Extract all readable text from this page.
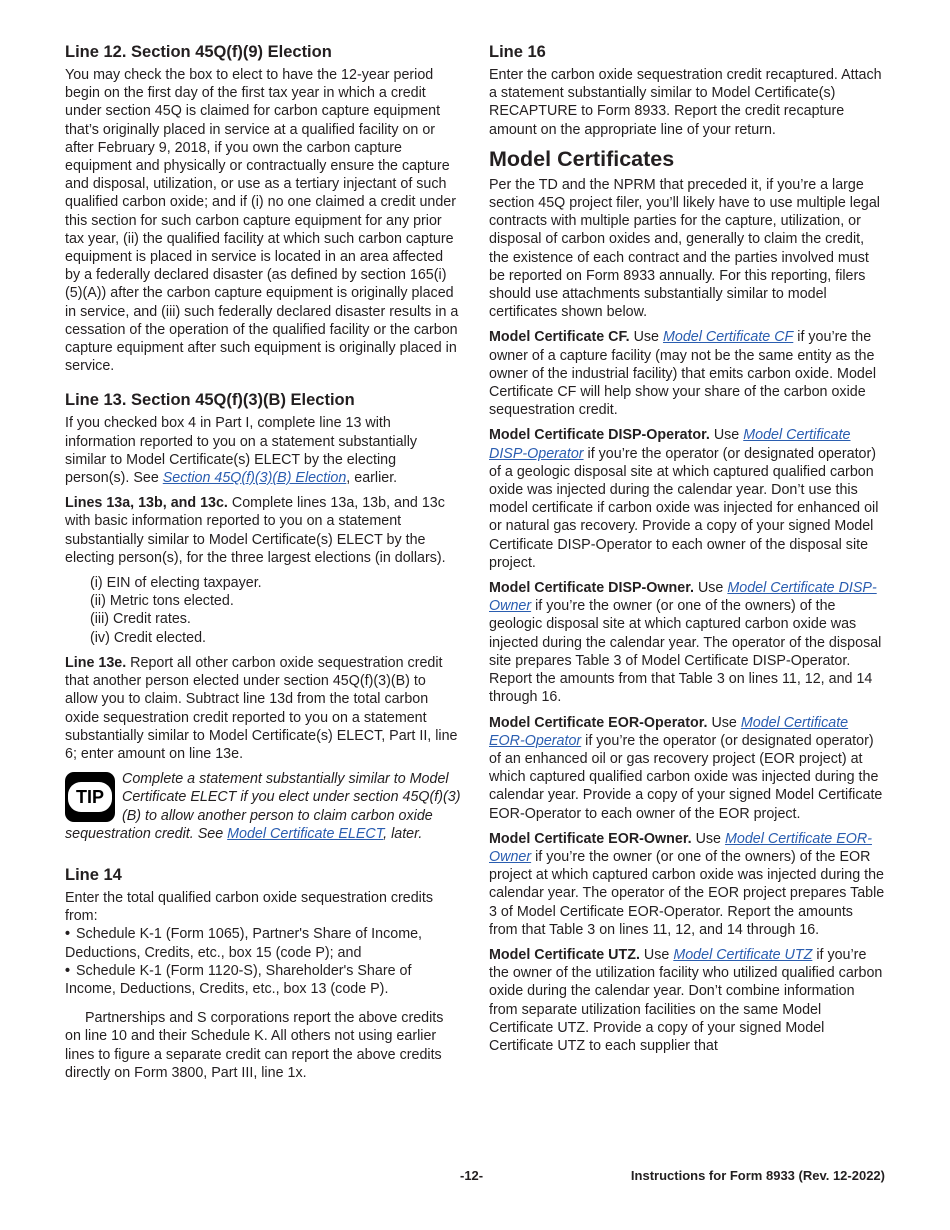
Line 12. Section 45Q(f)(9) Election

You may check the box to elect to have the 12-year period begin on the first day of the first tax year in which a credit under section 45Q is claimed for carbon capture equipment that’s originally placed in service at a qualified facility on or after February 9, 2018, if you own the carbon capture equipment and physically or contractually ensure the capture and disposal, utilization, or use as a tertiary injectant of such qualified carbon oxide; and if (i) no one claimed a credit under this section for such carbon capture equipment for any prior tax year, (ii) the qualified facility at which such carbon capture equipment is placed in service is located in an area affected by a federally declared disaster (as defined by section 165(i)(5)(A)) after the carbon capture equipment is originally placed in service, and (iii) such federally declared disaster results in a cessation of the operation of the qualified facility or the carbon capture equipment after such equipment is originally placed in service.

Line 13. Section 45Q(f)(3)(B) Election

If you checked box 4 in Part I, complete line 13 with information reported to you on a statement substantially similar to Model Certificate(s) ELECT by the electing person(s). See Section 45Q(f)(3)(B) Election, earlier.

Lines 13a, 13b, and 13c. Complete lines 13a, 13b, and 13c with basic information reported to you on a statement substantially similar to Model Certificate(s) ELECT by the electing person(s), for the three largest elections (in dollars).

(i) EIN of electing taxpayer.
(ii) Metric tons elected.
(iii) Credit rates.
(iv) Credit elected.

Line 13e. Report all other carbon oxide sequestration credit that another person elected under section 45Q(f)(3)(B) to allow you to claim. Subtract line 13d from the total carbon oxide sequestration credit reported to you on a statement substantially similar to Model Certificate(s) ELECT, Part II, line 6; enter amount on line 13e.

TIP
Complete a statement substantially similar to Model Certificate ELECT if you elect under section 45Q(f)(3)(B) to allow another person to claim carbon oxide sequestration credit. See Model Certificate ELECT, later.
Line 14

Enter the total qualified carbon oxide sequestration credits from:

• Schedule K-1 (Form 1065), Partner's Share of Income, Deductions, Credits, etc., box 15 (code P); and
• Schedule K-1 (Form 1120-S), Shareholder's Share of Income, Deductions, Credits, etc., box 13 (code P).

Partnerships and S corporations report the above credits on line 10 and their Schedule K. All others not using earlier lines to figure a separate credit can report the above credits directly on Form 3800, Part III, line 1x.

Line 16

Enter the carbon oxide sequestration credit recaptured. Attach a statement substantially similar to Model Certificate(s) RECAPTURE to Form 8933. Report the credit recapture amount on the appropriate line of your return.

Model Certificates

Per the TD and the NPRM that preceded it, if you’re a large section 45Q project filer, you’ll likely have to use multiple legal contracts with multiple parties for the capture, utilization, or disposal of carbon oxides and, generally to claim the credit, the existence of each contract and the parties involved must be reported on Form 8933 annually. For this reporting, filers should use attachments substantially similar to model certificates shown below.

Model Certificate CF. Use Model Certificate CF if you’re the owner of a capture facility (may not be the same entity as the owner of the industrial facility) that emits carbon oxide. Model Certificate CF will help show your share of the carbon oxide sequestration credit.

Model Certificate DISP-Operator. Use Model Certificate DISP-Operator if you’re the operator (or designated operator) of a geologic disposal site at which captured qualified carbon oxide was injected during the calendar year. Don’t use this model certificate if carbon oxide was injected for enhanced oil or natural gas recovery. Provide a copy of your signed Model Certificate DISP-Operator to each owner of the disposal site project.

Model Certificate DISP-Owner. Use Model Certificate DISP-Owner if you’re the owner (or one of the owners) of the geologic disposal site at which captured carbon oxide was injected during the calendar year. The operator of the disposal site prepares Table 3 of Model Certificate DISP-Operator. Report the amounts from that Table 3 on lines 11, 12, and 14 through 16.

Model Certificate EOR-Operator. Use Model Certificate EOR-Operator if you’re the operator (or designated operator) of an enhanced oil or gas recovery project (EOR project) at which captured qualified carbon oxide was injected during the calendar year. Provide a copy of your signed Model Certificate EOR-Operator to each owner of the EOR project.

Model Certificate EOR-Owner. Use Model Certificate EOR-Owner if you’re the owner (or one of the owners) of the EOR project at which captured carbon oxide was injected during the calendar year. The operator of the EOR project prepares Table 3 of Model Certificate EOR-Operator. Report the amounts from that Table 3 on lines 11, 12, and 14 through 16.

Model Certificate UTZ. Use Model Certificate UTZ if you’re the owner of the utilization facility who utilized qualified carbon oxide during the calendar year. Don’t combine information from separate utilization facilities on the same Model Certificate UTZ. Provide a copy of your signed Model Certificate UTZ to each supplier that

-12-	Instructions for Form 8933 (Rev. 12-2022)
